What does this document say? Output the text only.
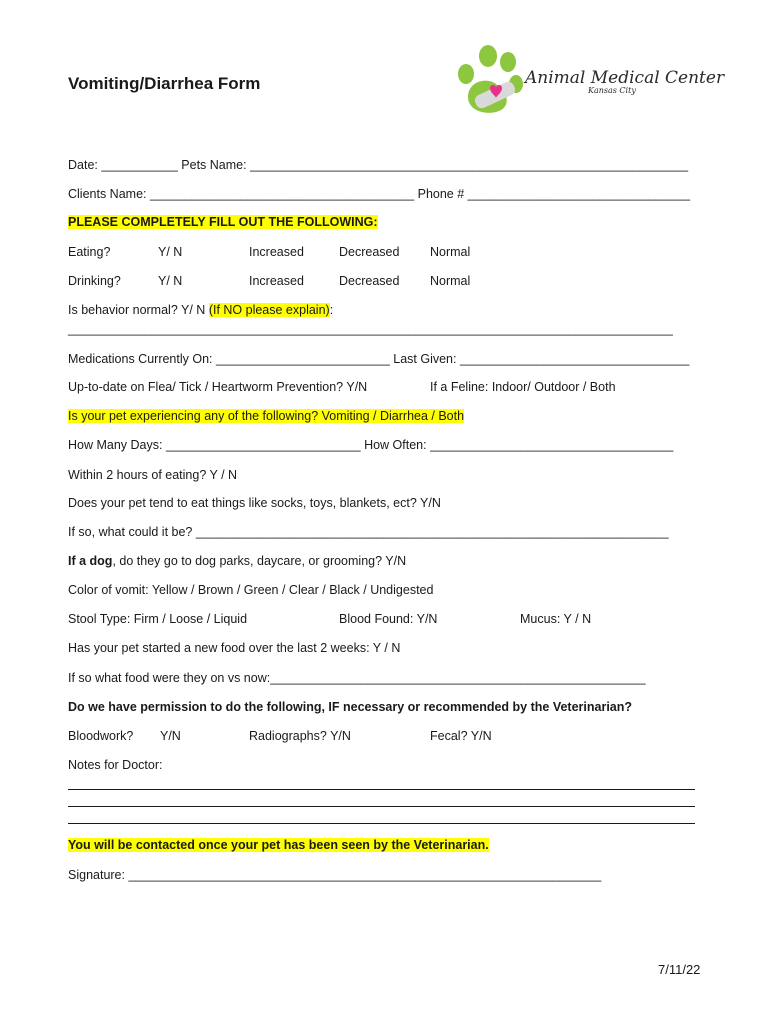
Vomiting/Diarrhea Form	Animal Medical Center
Kansas City
Date: ___________ Pets Name: _______________________________________________________________
Clients Name: ______________________________________ Phone # ________________________________
PLEASE COMPLETELY FILL OUT THE FOLLOWING:
Eating?	Y/ N	Increased	Decreased Normal
Drinking?	Y/ N	Increased	Decreased Normal
Is behavior normal? Y/ N (If NO please explain):
_______________________________________________________________________________________
Medications Currently On: _________________________ Last Given: _________________________________
Up-to-date on Flea/ Tick / Heartworm Prevention? Y/N	If a Feline: Indoor/ Outdoor / Both
Is your pet experiencing any of the following? Vomiting / Diarrhea / Both
How Many Days: ____________________________ How Often: ___________________________________
Within 2 hours of eating? Y / N
Does your pet tend to eat things like socks, toys, blankets, ect? Y/N
If so, what could it be? ____________________________________________________________________
If a dog, do they go to dog parks, daycare, or grooming? Y/N
Color of vomit: Yellow / Brown / Green / Clear / Black / Undigested
Stool Type: Firm / Loose / Liquid	Blood Found: Y/N	Mucus: Y / N
Has your pet started a new food over the last 2 weeks: Y / N
If so what food were they on vs now:______________________________________________________
Do we have permission to do the following, IF necessary or recommended by the Veterinarian?
Bloodwork? Y/N	Radiographs? Y/N	Fecal? Y/N
Notes for Doctor:
You will be contacted once your pet has been seen by the Veterinarian.
Signature: ____________________________________________________________________
7/11/22
